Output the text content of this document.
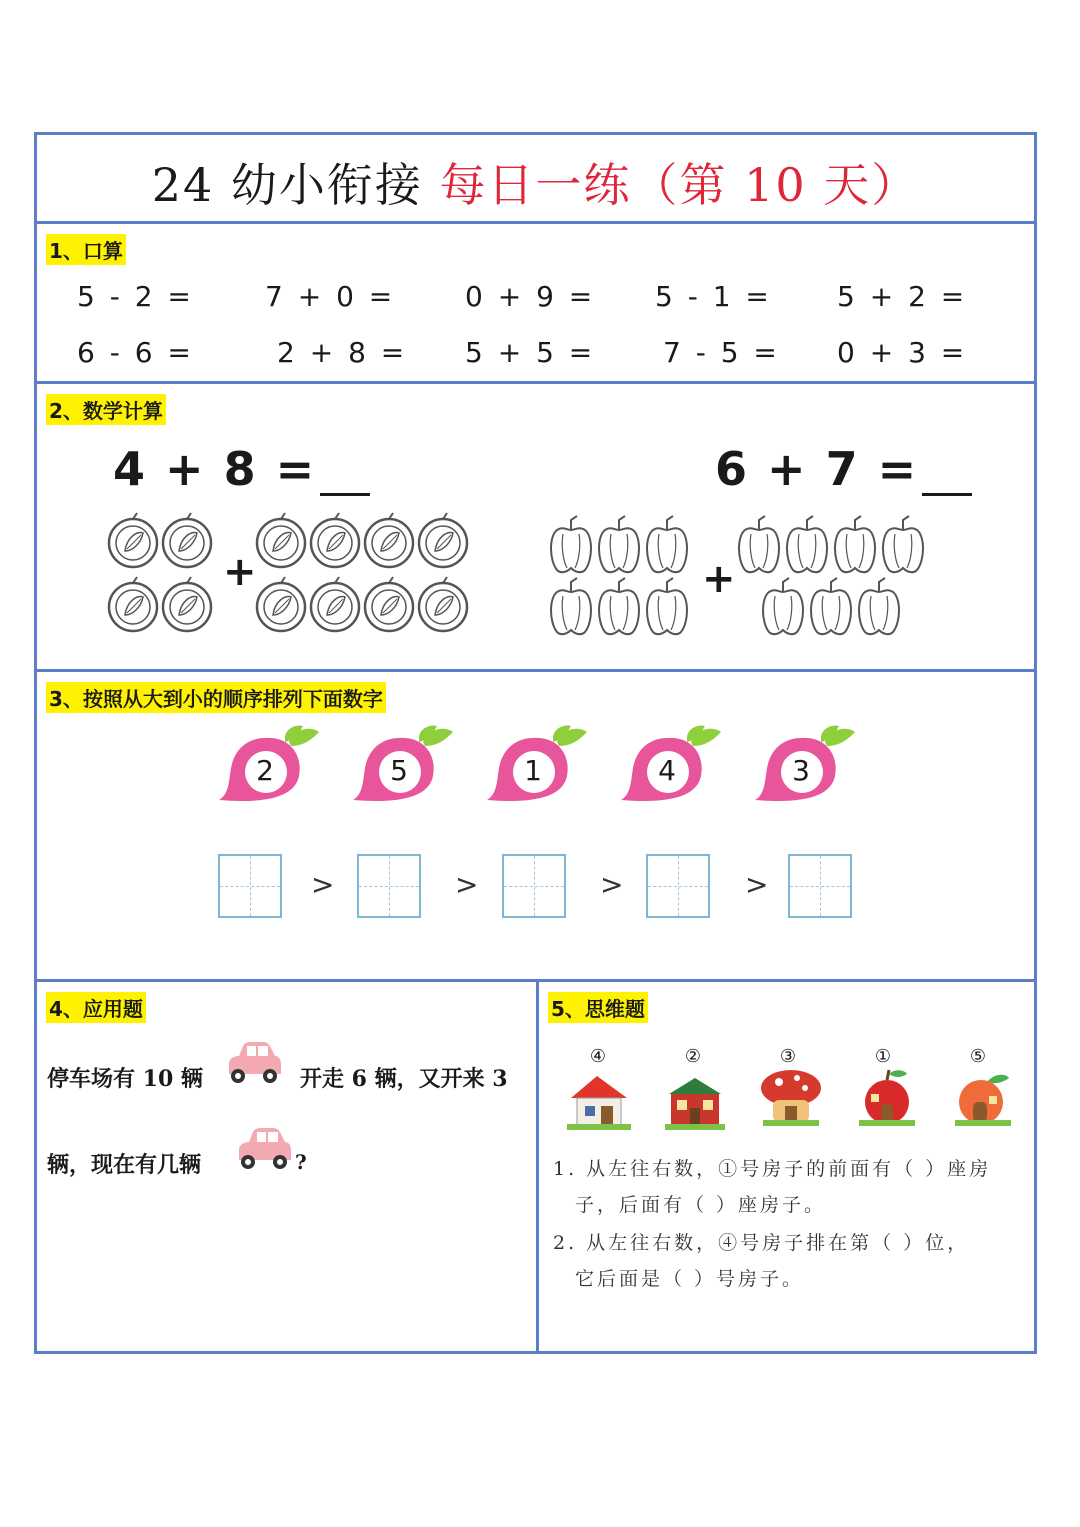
24 幼小衔接 每日一练（第 10 天）
1、口算
5 - 2 =	7 + 0 = 0 + 9 = 5 - 1 = 5 + 2 =
6 - 6 =	2 + 8 = 5 + 5 = 7 - 5 = 0 + 3 =
2、数学计算
4 + 8 =	6 + 7 =
+	+
3、按照从大到小的顺序排列下面数字
2	5	1	4	3
>	>	>	>
4、应用题
停车场有 10 辆	开走 6 辆，又开来 3
辆，现在有几辆	?
5、思维题
④	②	③	①	⑤
1. 从左往右数，①号房子的前面有（ ）座房
子，后面有（ ）座房子。
2. 从左往右数，④号房子排在第（ ）位，
它后面是（ ）号房子。
